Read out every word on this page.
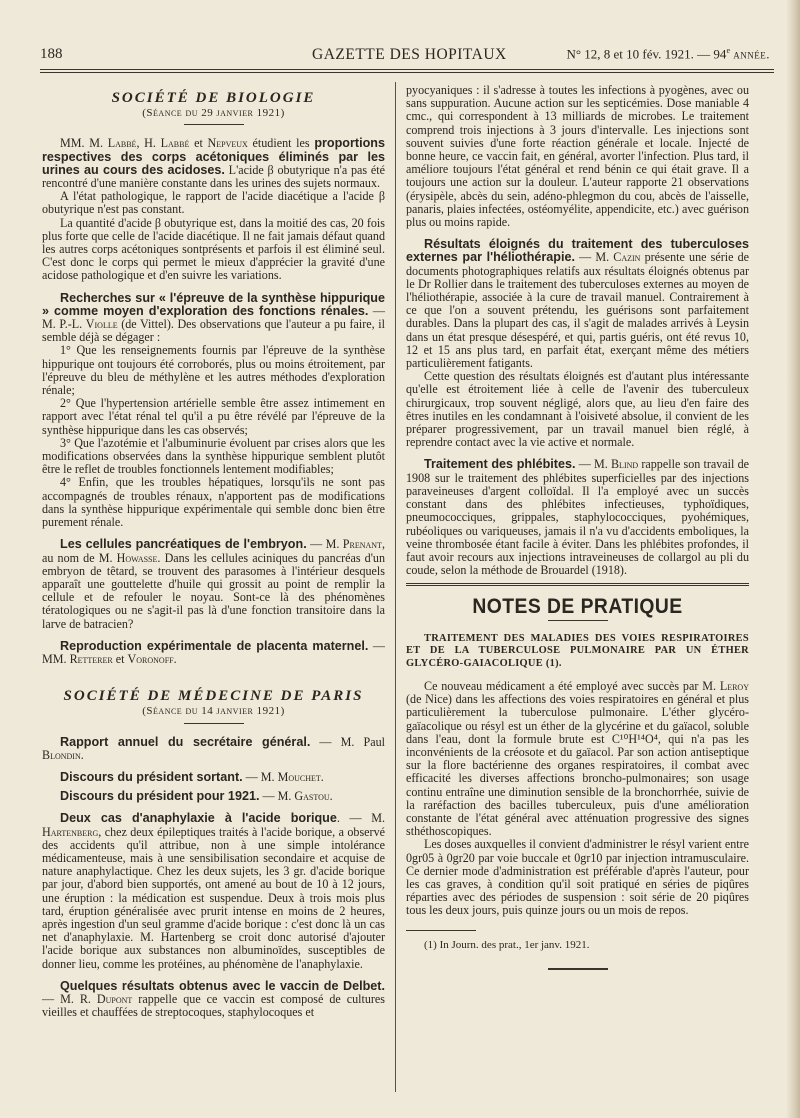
188	GAZETTE DES HOPITAUX	N° 12, 8 et 10 fév. 1921. — 94e année.
SOCIÉTÉ DE BIOLOGIE
(Séance du 29 janvier 1921)

MM. M. Labbé, H. Labbé et Nepveux étudient les proportions respectives des corps acétoniques éliminés par les urines au cours des acidoses. L'acide β obutyrique n'a pas été rencontré d'une manière constante dans les urines des sujets normaux.

A l'état pathologique, le rapport de l'acide diacétique a l'acide β obutyrique n'est pas constant.

La quantité d'acide β obutyrique est, dans la moitié des cas, 20 fois plus forte que celle de l'acide diacétique. Il ne fait jamais défaut quand les autres corps acétoniques sontprésents et parfois il est éliminé seul. C'est donc le corps qui permet le mieux d'apprécier la gravité d'une acidose pathologique et d'en suivre les variations.

Recherches sur « l'épreuve de la synthèse hippurique » comme moyen d'exploration des fonctions rénales. — M. P.-L. Violle (de Vittel). Des observations que l'auteur a pu faire, il semble déjà se dégager :

1° Que les renseignements fournis par l'épreuve de la synthèse hippurique ont toujours été corroborés, plus ou moins étroitement, par l'épreuve du bleu de méthylène et les autres méthodes d'exploration rénale;

2° Que l'hypertension artérielle semble être assez intimement en rapport avec l'état rénal tel qu'il a pu être révélé par l'épreuve de la synthèse hippurique dans les cas observés;

3° Que l'azotémie et l'albuminurie évoluent par crises alors que les modifications observées dans la synthèse hippurique semblent plutôt être le reflet de troubles fonctionnels lentement modifiables;

4° Enfin, que les troubles hépatiques, lorsqu'ils ne sont pas accompagnés de troubles rénaux, n'apportent pas de modifications dans la synthèse hippurique expérimentale qui semble donc bien être purement rénale.

Les cellules pancréatiques de l'embryon. — M. Prenant, au nom de M. Howasse. Dans les cellules aciniques du pancréas d'un embryon de têtard, se trouvent des parasomes à l'intérieur desquels apparaît une gouttelette d'huile qui grossit au point de remplir la cellule et de refouler le noyau. Sont-ce là des phénomènes tératologiques ou ne s'agit-il pas là d'une fonction transitoire dans la larve de batracien?

Reproduction expérimentale de placenta maternel. — MM. Retterer et Voronoff.

SOCIÉTÉ DE MÉDECINE DE PARIS
(Séance du 14 janvier 1921)

Rapport annuel du secrétaire général. — M. Paul Blondin.

Discours du président sortant. — M. Mouchet.

Discours du président pour 1921. — M. Gastou.

Deux cas d'anaphylaxie à l'acide borique. — M. Hartenberg, chez deux épileptiques traités à l'acide borique, a observé des accidents qu'il attribue, non à une simple intolérance médicamenteuse, mais à une sensibilisation secondaire et acquise de nature anaphylactique. Chez les deux sujets, les 3 gr. d'acide borique par jour, d'abord bien supportés, ont amené au bout de 10 à 12 jours, une éruption : la médication est suspendue. Deux à trois mois plus tard, éruption généralisée avec prurit intense en moins de 2 heures, après ingestion d'un seul gramme d'acide borique : c'est donc là un cas net d'anaphylaxie. M. Hartenberg se croit donc autorisé d'ajouter l'acide borique aux substances non albuminoïdes, susceptibles de donner lieu, comme les protéines, au phénomène de l'anaphylaxie.

Quelques résultats obtenus avec le vaccin de Delbet. — M. R. Dupont rappelle que ce vaccin est composé de cultures vieilles et chauffées de streptocoques, staphylocoques et

pyocyaniques : il s'adresse à toutes les infections à pyogènes, avec ou sans suppuration. Aucune action sur les septicémies. Dose maniable 4 cmc., qui correspondent à 13 milliards de microbes. Le traitement comprend trois injections à 3 jours d'intervalle. Les injections sont souvent suivies d'une forte réaction générale et locale. Injecté de bonne heure, ce vaccin fait, en général, avorter l'infection. Plus tard, il améliore toujours l'état général et rend bénin ce qui était grave. Il a toujours une action sur la douleur. L'auteur rapporte 21 observations (érysipèle, abcès du sein, adéno-phlegmon du cou, abcès de l'aisselle, panaris, plaies infectées, ostéomyélite, appendicite, etc.) avec guérison plus ou moins rapide.

Résultats éloignés du traitement des tuberculoses externes par l'héliothérapie. — M. Cazin présente une série de documents photographiques relatifs aux résultats éloignés obtenus par le Dr Rollier dans le traitement des tuberculoses externes au moyen de l'héliothérapie, associée à la cure de travail manuel. Contrairement à ce que l'on a souvent prétendu, les guérisons sont parfaitement durables. Dans la plupart des cas, il s'agit de malades arrivés à Leysin dans un état presque désespéré, et qui, partis guéris, ont été revus 10, 12 et 15 ans plus tard, en parfait état, exerçant même des métiers particulièrement fatigants.

Cette question des résultats éloignés est d'autant plus intéressante qu'elle est étroitement liée à celle de l'avenir des tuberculeux chirurgicaux, trop souvent négligé, alors que, au lieu d'en faire des êtres inutiles en les condamnant à l'oisiveté absolue, il convient de les préparer progressivement, par un travail manuel bien réglé, à reprendre contact avec la vie active et normale.

Traitement des phlébites. — M. Blind rappelle son travail de 1908 sur le traitement des phlébites superficielles par des injections paraveineuses d'argent colloïdal. Il l'a employé avec un succès constant dans des phlébites infectieuses, typhoïdiques, pneumococciques, grippales, staphylococciques, pyohémiques, rubéoliques ou variqueuses, jamais il n'a vu d'accidents emboliques, la veine thrombosée étant facile à éviter. Dans les phlébites profondes, il faut avoir recours aux injections intraveineuses de collargol au pli du coude, selon la méthode de Brouardel (1918).

NOTES DE PRATIQUE
TRAITEMENT DES MALADIES DES VOIES RESPIRATOIRES ET DE LA TUBERCULOSE PULMONAIRE PAR UN ÉTHER GLYCÉRO-GAIACOLIQUE (1).

Ce nouveau médicament a été employé avec succès par M. Leroy (de Nice) dans les affections des voies respiratoires en général et plus particulièrement la tuberculose pulmonaire. L'éther glycéro-gaïacolique ou résyl est un éther de la glycérine et du gaïacol, soluble dans l'eau, dont la formule brute est C¹⁰H¹⁴O⁴, qui n'a pas les inconvénients de la créosote et du gaïacol. Par son action antiseptique sur la flore bactérienne des organes respiratoires, il combat avec efficacité les diverses affections broncho-pulmonaires; son usage continu entraîne une diminution sensible de la bronchorrhée, suivie de la raréfaction des bacilles tuberculeux, puis d'une amélioration constante de l'état général avec atténuation progressive des signes sthéthoscopiques.

Les doses auxquelles il convient d'administrer le résyl varient entre 0gr05 à 0gr20 par voie buccale et 0gr10 par injection intramusculaire. Ce dernier mode d'administration est préférable d'après l'auteur, pour les cas graves, à condition qu'il soit pratiqué en séries de piqûres réparties avec des périodes de suspension : soit série de 20 piqûres tous les deux jours, puis quinze jours ou un mois de repos.

(1) In Journ. des prat., 1er janv. 1921.
